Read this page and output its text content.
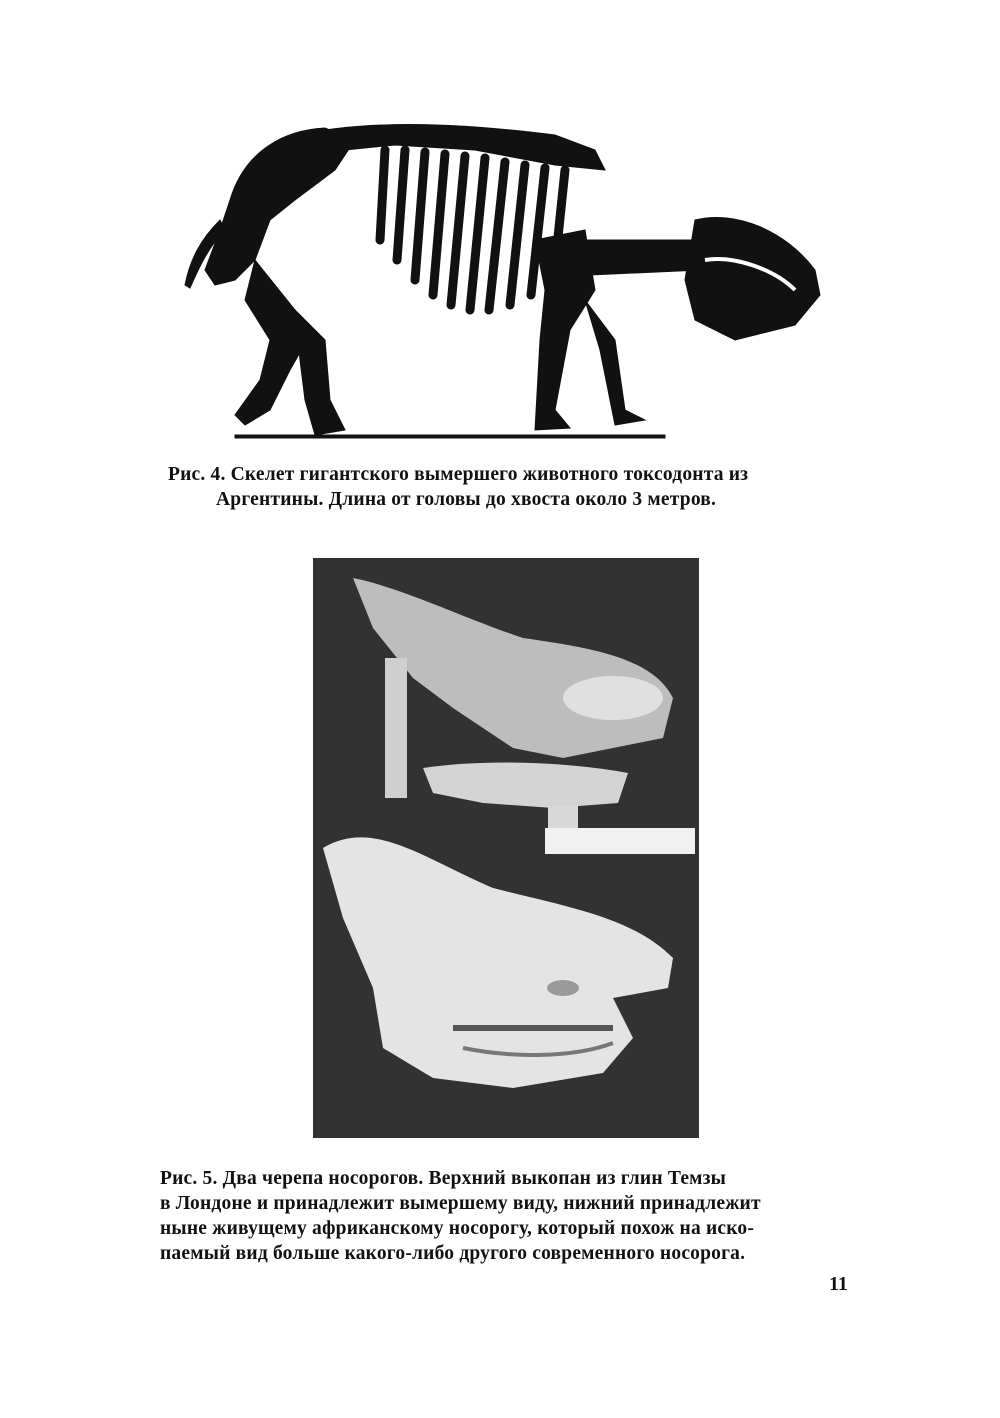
Рис. 4. Скелет гигантского вымершего животного токсодонта из
Аргентины. Длина от головы до хвоста около 3 метров.
Рис. 5. Два черепа носорогов. Верхний выкопан из глин Темзы
в Лондоне и принадлежит вымершему виду, нижний принадлежит
ныне живущему африканскому носорогу, который похож на иско-
паемый вид больше какого-либо другого современного носорога.
11
